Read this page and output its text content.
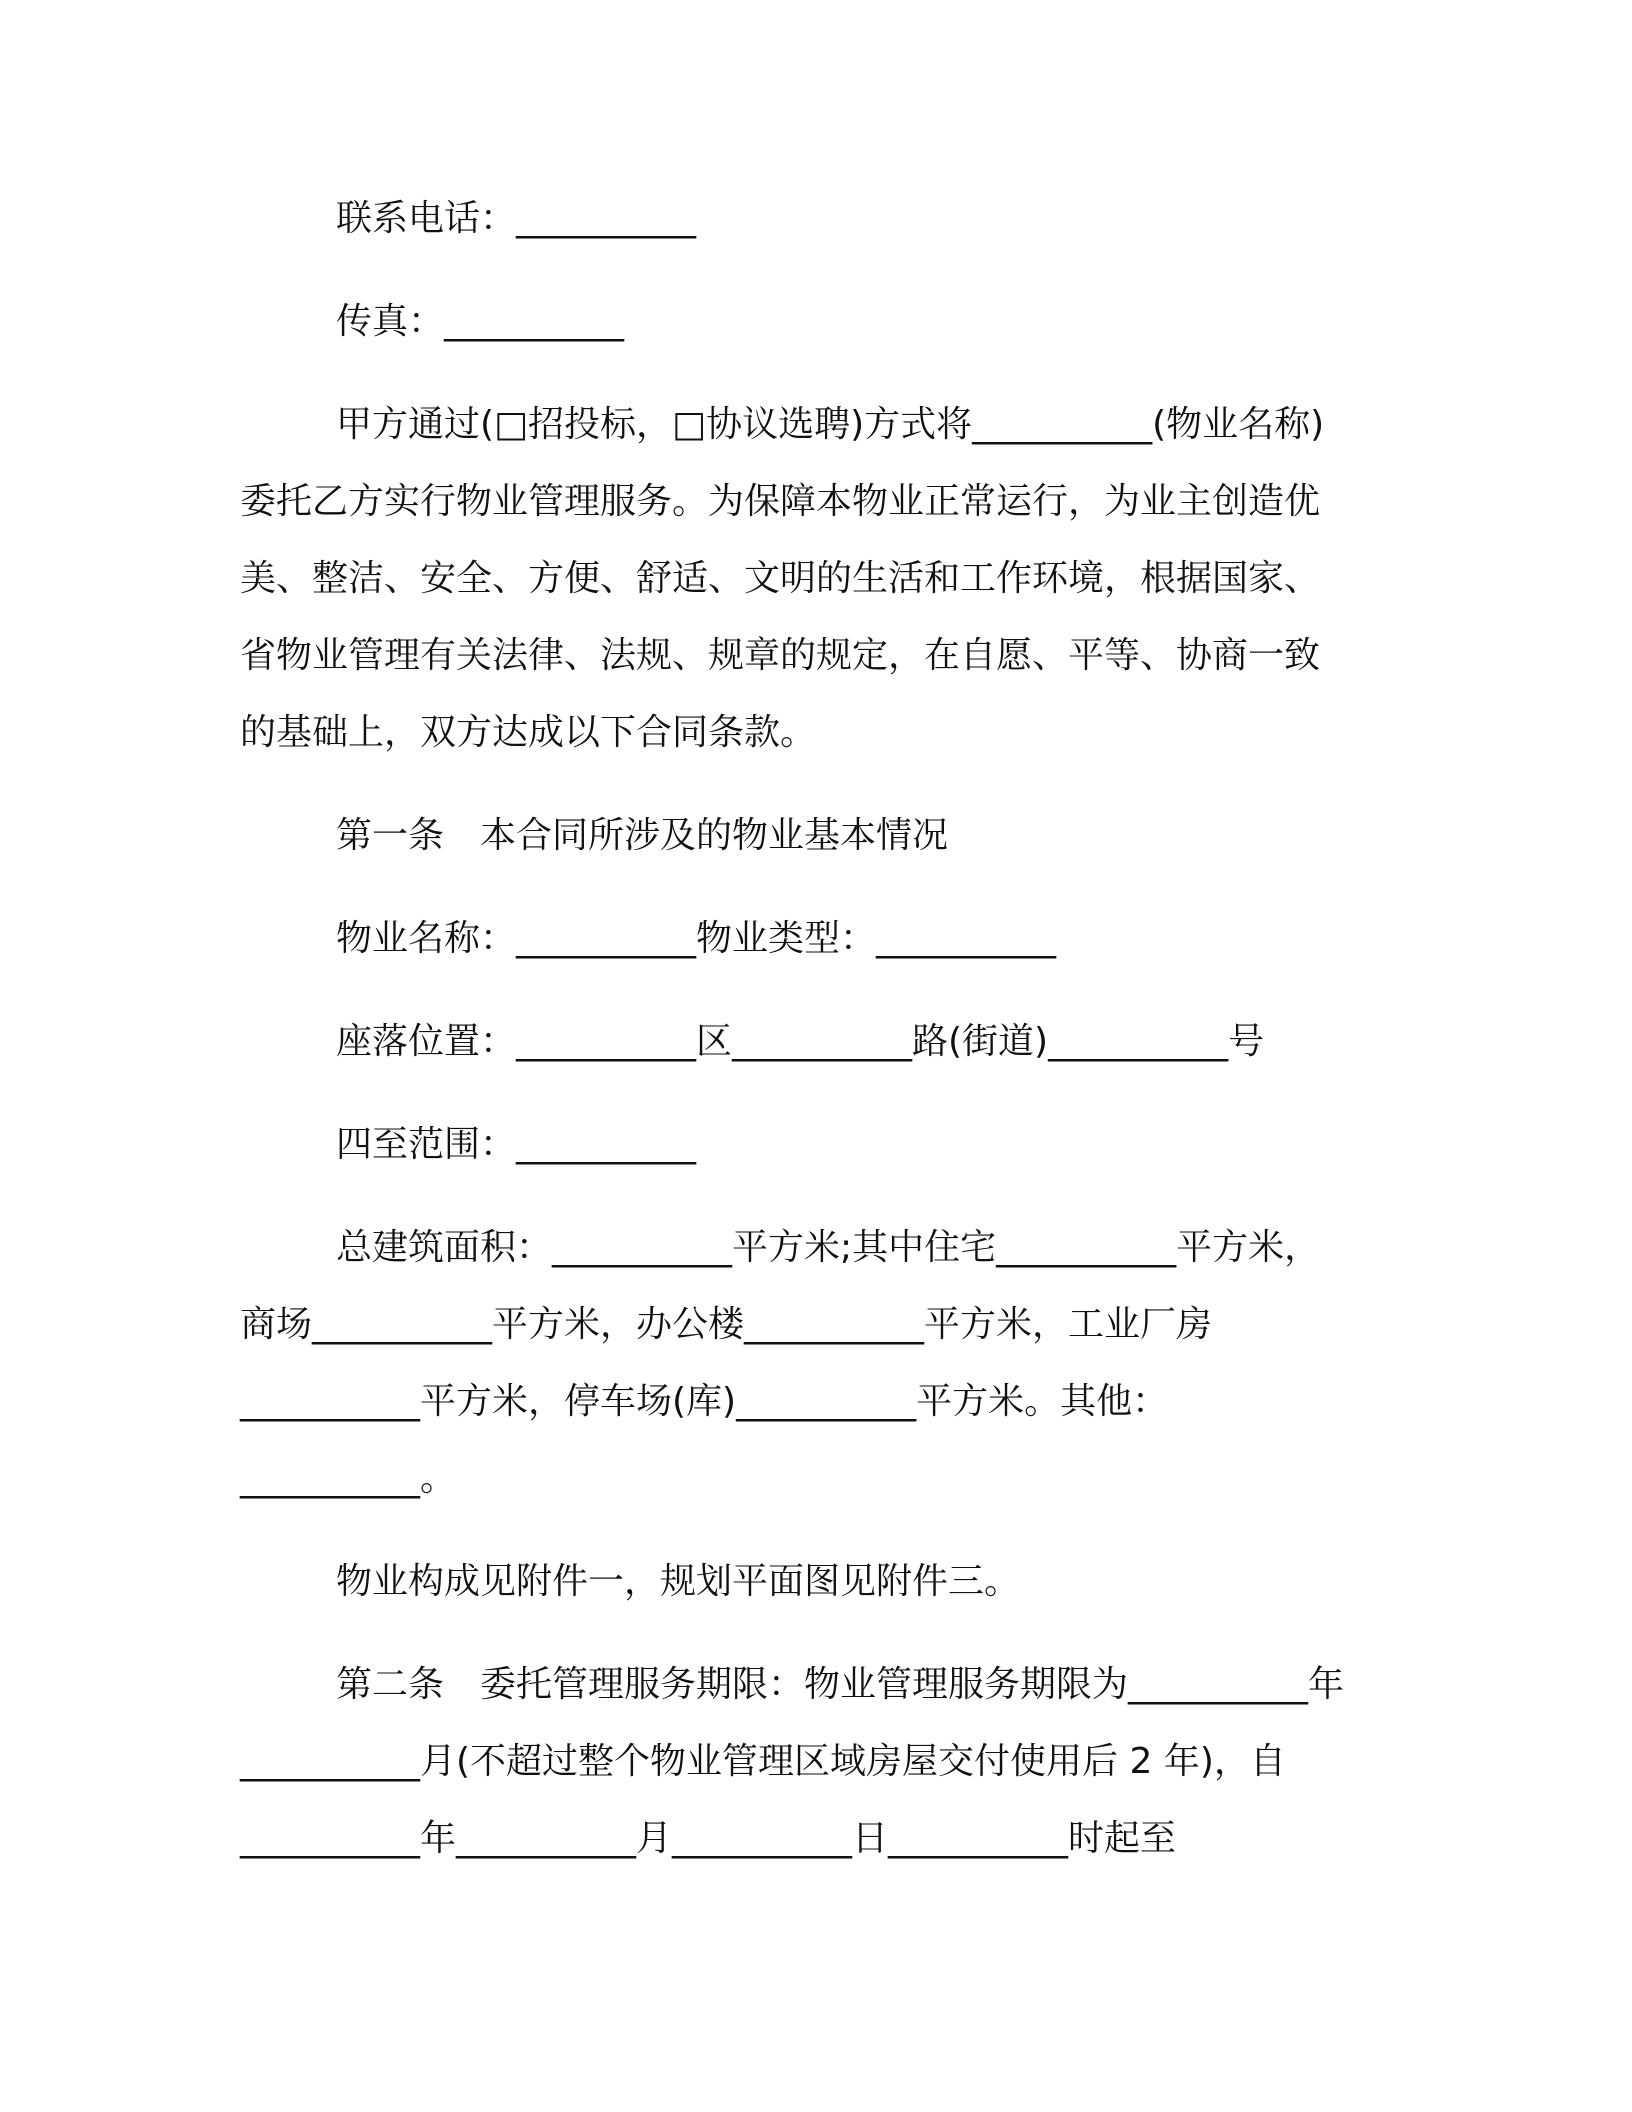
联系电话：__________
传真：__________
甲方通过(□招投标，□协议选聘)方式将__________(物业名称)
委托乙方实行物业管理服务。为保障本物业正常运行，为业主创造优
美、整洁、安全、方便、舒适、文明的生活和工作环境，根据国家、
省物业管理有关法律、法规、规章的规定，在自愿、平等、协商一致
的基础上，双方达成以下合同条款。
第一条　本合同所涉及的物业基本情况
物业名称：__________物业类型：__________
座落位置：__________区__________路(街道)__________号
四至范围：__________
总建筑面积：__________平方米;其中住宅__________平方米，
商场__________平方米，办公楼__________平方米，工业厂房
__________平方米，停车场(库)__________平方米。其他：
__________。
物业构成见附件一，规划平面图见附件三。
第二条　委托管理服务期限：物业管理服务期限为__________年
__________月(不超过整个物业管理区域房屋交付使用后 2 年)，自
__________年__________月__________日__________时起至
